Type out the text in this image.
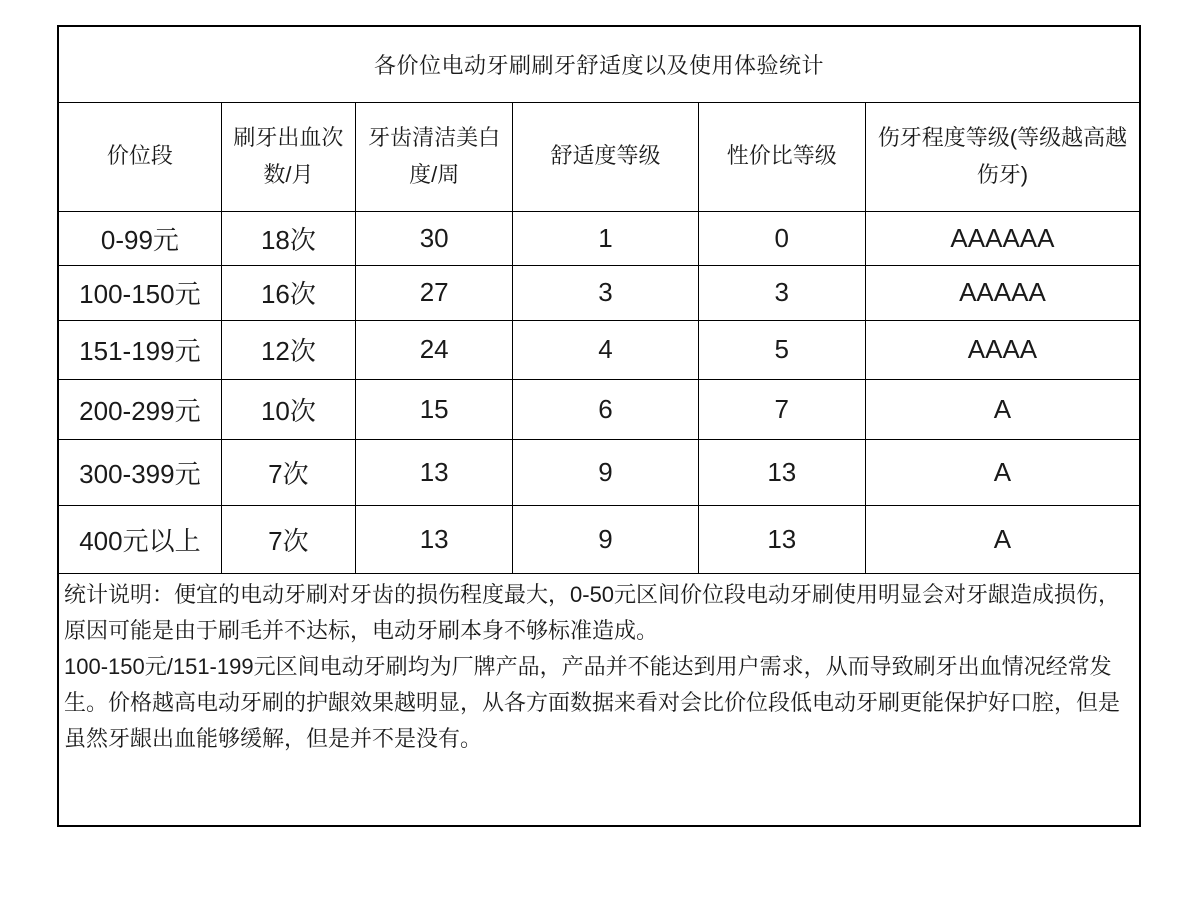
各价位电动牙刷刷牙舒适度以及使用体验统计					
价位段	刷牙出血次数/月	牙齿清洁美白度/周	舒适度等级	性价比等级	伤牙程度等级(等级越高越伤牙)
0-99元	18次	30	1	0	AAAAAA
100-150元	16次	27	3	3	AAAAA
151-199元	12次	24	4	5	AAAA
200-299元	10次	15	6	7	A
300-399元	7次	13	9	13	A
400元以上	7次	13	9	13	A

统计说明：便宜的电动牙刷对牙齿的损伤程度最大，0-50元区间价位段电动牙刷使用明显会对牙龈造成损伤，原因可能是由于刷毛并不达标，电动牙刷本身不够标准造成。

100-150元/151-199元区间电动牙刷均为厂牌产品，产品并不能达到用户需求，从而导致刷牙出血情况经常发生。价格越高电动牙刷的护龈效果越明显，从各方面数据来看对会比价位段低电动牙刷更能保护好口腔，但是虽然牙龈出血能够缓解，但是并不是没有。					
